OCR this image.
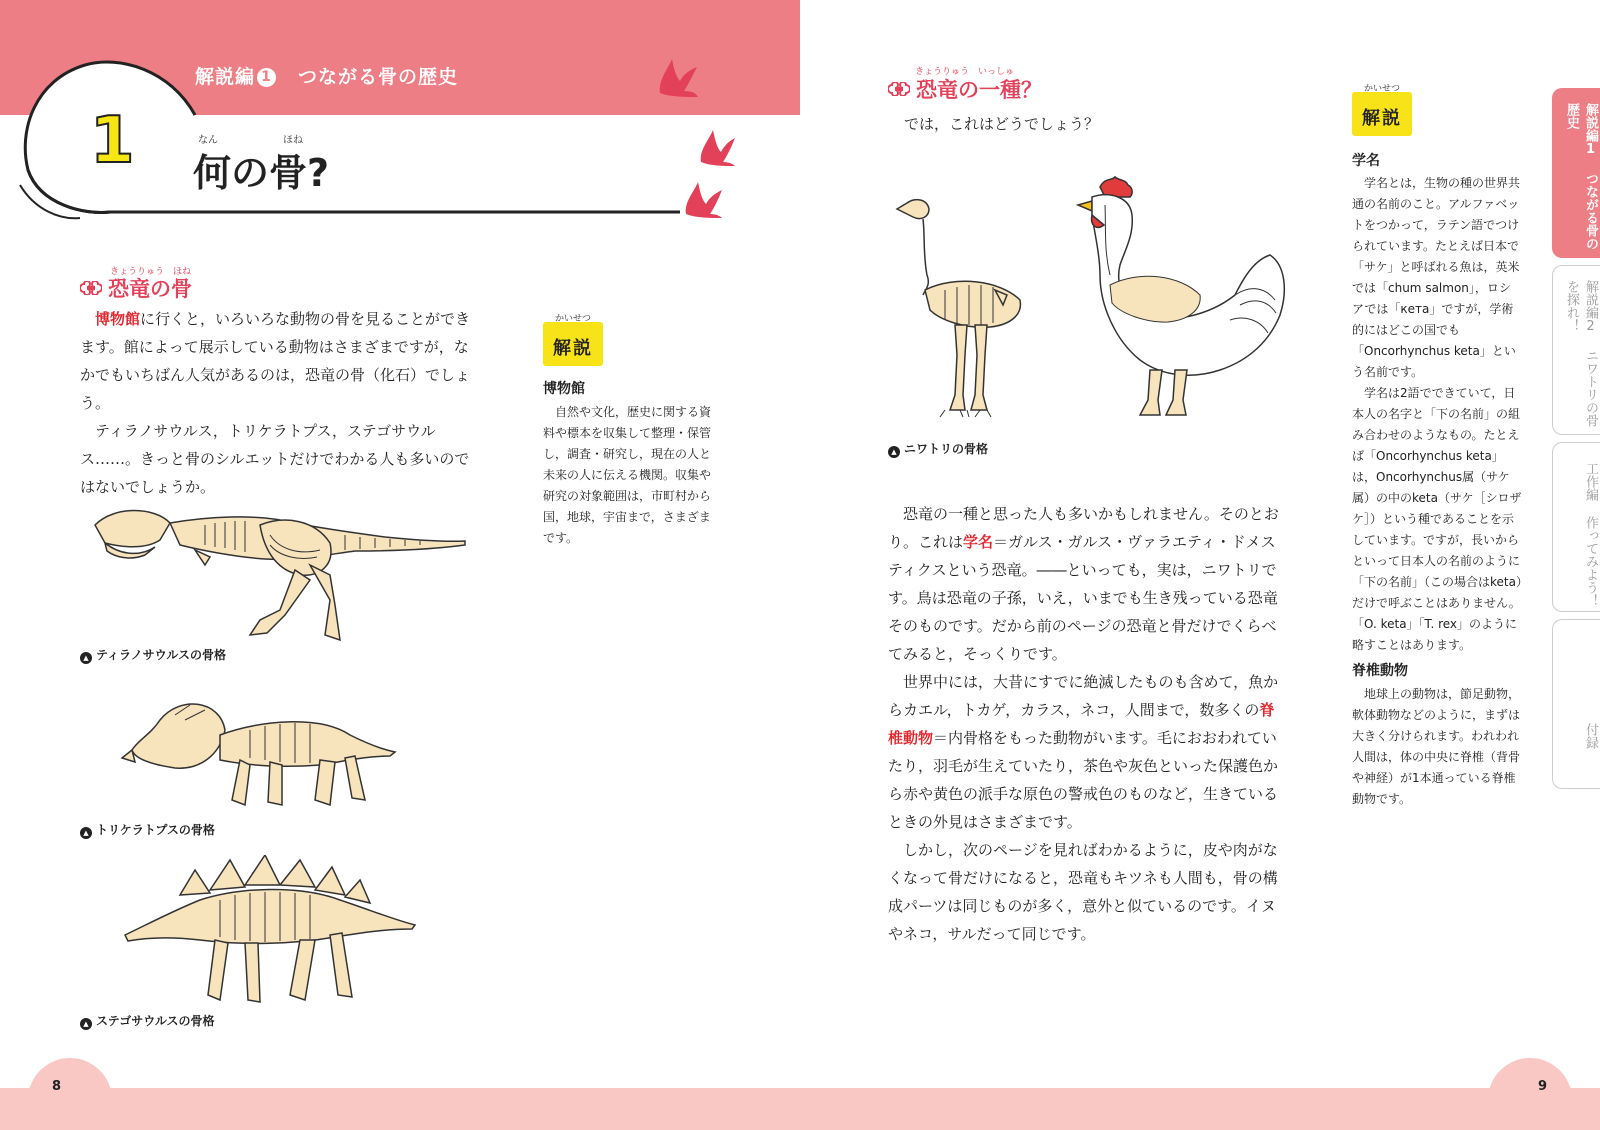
解説編 1 つながる骨の歴史
1 何の骨?
なん	ほね
きょうりゅう　ほね
恐竜の骨

博物館に行くと，いろいろな動物の骨を見ることができます。館によって展示している動物はさまざまですが，なかでもいちばん人気があるのは，恐竜の骨（化石）でしょう。

ティラノサウルス，トリケラトプス，ステゴサウルス……。きっと骨のシルエットだけでわかる人も多いのではないでしょうか。

かいせつ
解説
博物館
自然や文化，歴史に関する資料や標本を収集して整理・保管し，調査・研究し，現在の人と未来の人に伝える機関。収集や研究の対象範囲は，市町村から国，地球，宇宙まで，さまざまです。
▲ ティラノサウルスの骨格
▲ トリケラトプスの骨格
▲ ステゴサウルスの骨格
きょうりゅう　いっしゅ
恐竜の一種？
では，これはどうでしょう？
▲ ニワトリの骨格

恐竜の一種と思った人も多いかもしれません。そのとおり。これは学名＝ガルス・ガルス・ヴァラエティ・ドメスティクスという恐竜。――といっても，実は，ニワトリです。鳥は恐竜の子孫，いえ，いまでも生き残っている恐竜そのものです。だから前のページの恐竜と骨だけでくらべてみると，そっくりです。

世界中には，大昔にすでに絶滅したものも含めて，魚からカエル，トカゲ，カラス，ネコ，人間まで，数多くの脊椎動物＝内骨格をもった動物がいます。毛におおわれていたり，羽毛が生えていたり，茶色や灰色といった保護色から赤や黄色の派手な原色の警戒色のものなど，生きているときの外見はさまざまです。

しかし，次のページを見ればわかるように，皮や肉がなくなって骨だけになると，恐竜もキツネも人間も，骨の構成パーツは同じものが多く，意外と似ているのです。イヌやネコ，サルだって同じです。

かいせつ
解説
学名

学名とは，生物の種の世界共通の名前のこと。アルファベットをつかって，ラテン語でつけられています。たとえば日本で「サケ」と呼ばれる魚は，英米では「chum salmon」，ロシアでは「кета」ですが，学術的にはどこの国でも「Oncorhynchus keta」という名前です。

学名は2語でできていて，日本人の名字と「下の名前」の組み合わせのようなもの。たとえば「Oncorhynchus keta」は，Oncorhynchus属（サケ属）の中のketa（サケ［シロザケ］）という種であることを示しています。ですが，長いからといって日本人の名前のように「下の名前」（この場合はketa）だけで呼ぶことはありません。「O. keta」「T. rex」のように略すことはあります。

脊椎動物
地球上の動物は，節足動物，軟体動物などのように，まずは大きく分けられます。われわれ人間は，体の中央に脊椎（背骨や神経）が1本通っている脊椎動物です。
解説編1 つながる骨の歴史
解説編2 ニワトリの骨を探れ！
工作編 作ってみよう！
付録
8	9
